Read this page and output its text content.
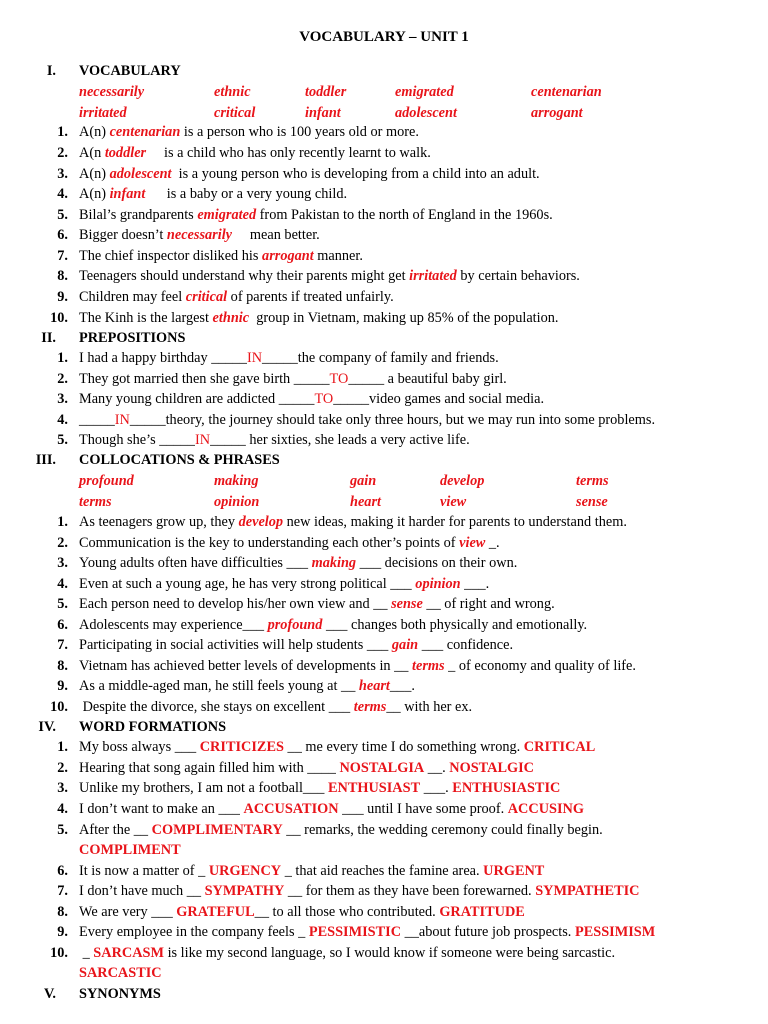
VOCABULARY – UNIT 1
I. VOCABULARY
necessarily	ethnic	toddler	emigrated	centenarian
irritated	critical	infant	adolescent	arrogant
1. A(n) centenarian is a person who is 100 years old or more.
2. A(n toddler     is a child who has only recently learnt to walk.
3. A(n) adolescent  is a young person who is developing from a child into an adult.
4. A(n) infant      is a baby or a very young child.
5. Bilal’s grandparents emigrated from Pakistan to the north of England in the 1960s.
6. Bigger doesn’t necessarily     mean better.
7. The chief inspector disliked his arrogant manner.
8. Teenagers should understand why their parents might get irritated by certain behaviors.
9. Children may feel critical of parents if treated unfairly.
10. The Kinh is the largest ethnic  group in Vietnam, making up 85% of the population.
II. PREPOSITIONS
1. I had a happy birthday _____IN_____the company of family and friends.
2. They got married then she gave birth _____TO_____ a beautiful baby girl.
3. Many young children are addicted _____TO_____video games and social media.
4. _____IN_____theory, the journey should take only three hours, but we may run into some problems.
5. Though she’s _____IN_____ her sixties, she leads a very active life.
III. COLLOCATIONS & PHRASES
profound	making	gain	develop	terms
terms	opinion	heart	view	sense
1. As teenagers grow up, they develop new ideas, making it harder for parents to understand them.
2. Communication is the key to understanding each other’s points of view _.
3. Young adults often have difficulties ___ making ___ decisions on their own.
4. Even at such a young age, he has very strong political ___ opinion ___.
5. Each person need to develop his/her own view and __ sense __ of right and wrong.
6. Adolescents may experience___ profound ___ changes both physically and emotionally.
7. Participating in social activities will help students ___ gain ___ confidence.
8. Vietnam has achieved better levels of developments in __ terms _ of economy and quality of life.
9. As a middle-aged man, he still feels young at __ heart___.
10. Despite the divorce, she stays on excellent ___ terms__ with her ex.
IV. WORD FORMATIONS
1. My boss always ___ CRITICIZES __ me every time I do something wrong. CRITICAL
2. Hearing that song again filled him with ____ NOSTALGIA __. NOSTALGIC
3. Unlike my brothers, I am not a football___ ENTHUSIAST ___. ENTHUSIASTIC
4. I don’t want to make an ___ ACCUSATION ___ until I have some proof. ACCUSING
5. After the __ COMPLIMENTARY __ remarks, the wedding ceremony could finally begin.
COMPLIMENT
6. It is now a matter of _ URGENCY _ that aid reaches the famine area. URGENT
7. I don’t have much __ SYMPATHY __ for them as they have been forewarned. SYMPATHETIC
8. We are very ___ GRATEFUL__ to all those who contributed. GRATITUDE
9. Every employee in the company feels _ PESSIMISTIC __about future job prospects. PESSIMISM
10. _ SARCASM is like my second language, so I would know if someone were being sarcastic.
SARCASTIC
V. SYNONYMS
